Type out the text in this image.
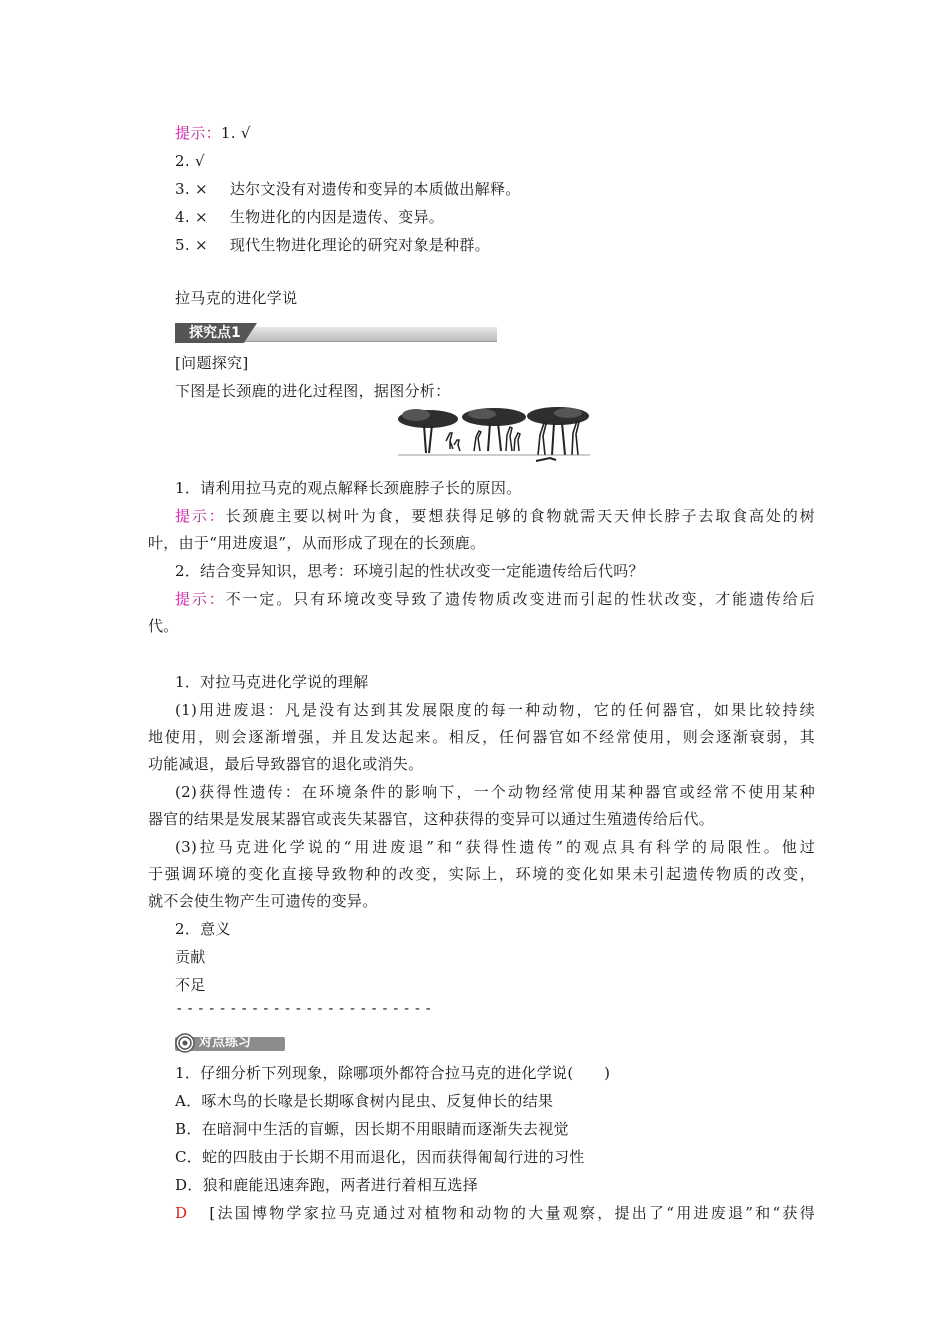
提示：1. √
2. √
3. × 达尔文没有对遗传和变异的本质做出解释。
4. × 生物进化的内因是遗传、变异。
5. × 现代生物进化理论的研究对象是种群。
拉马克的进化学说
探究点1
[问题探究]
下图是长颈鹿的进化过程图，据图分析：
1．请利用拉马克的观点解释长颈鹿脖子长的原因。
提示：长颈鹿主要以树叶为食，要想获得足够的食物就需天天伸长脖子去取食高处的树
叶，由于“用进废退”，从而形成了现在的长颈鹿。
2．结合变异知识，思考：环境引起的性状改变一定能遗传给后代吗？
提示：不一定。只有环境改变导致了遗传物质改变进而引起的性状改变，才能遗传给后
代。
1．对拉马克进化学说的理解
(1)用进废退：凡是没有达到其发展限度的每一种动物，它的任何器官，如果比较持续
地使用，则会逐渐增强，并且发达起来。相反，任何器官如不经常使用，则会逐渐衰弱，其
功能减退，最后导致器官的退化或消失。
(2)获得性遗传：在环境条件的影响下，一个动物经常使用某种器官或经常不使用某种
器官的结果是发展某器官或丧失某器官，这种获得的变异可以通过生殖遗传给后代。
(3)拉马克进化学说的“用进废退”和“获得性遗传”的观点具有科学的局限性。他过
于强调环境的变化直接导致物种的改变，实际上，环境的变化如果未引起遗传物质的改变，
就不会使生物产生可遗传的变异。
2．意义
贡献
不足
------------------------
对点练习
1．仔细分析下列现象，除哪项外都符合拉马克的进化学说(　　)
A．啄木鸟的长喙是长期啄食树内昆虫、反复伸长的结果
B．在暗洞中生活的盲螈，因长期不用眼睛而逐渐失去视觉
C．蛇的四肢由于长期不用而退化，因而获得匍匐行进的习性
D．狼和鹿能迅速奔跑，两者进行着相互选择
D [法国博物学家拉马克通过对植物和动物的大量观察，提出了“用进废退”和“获得
